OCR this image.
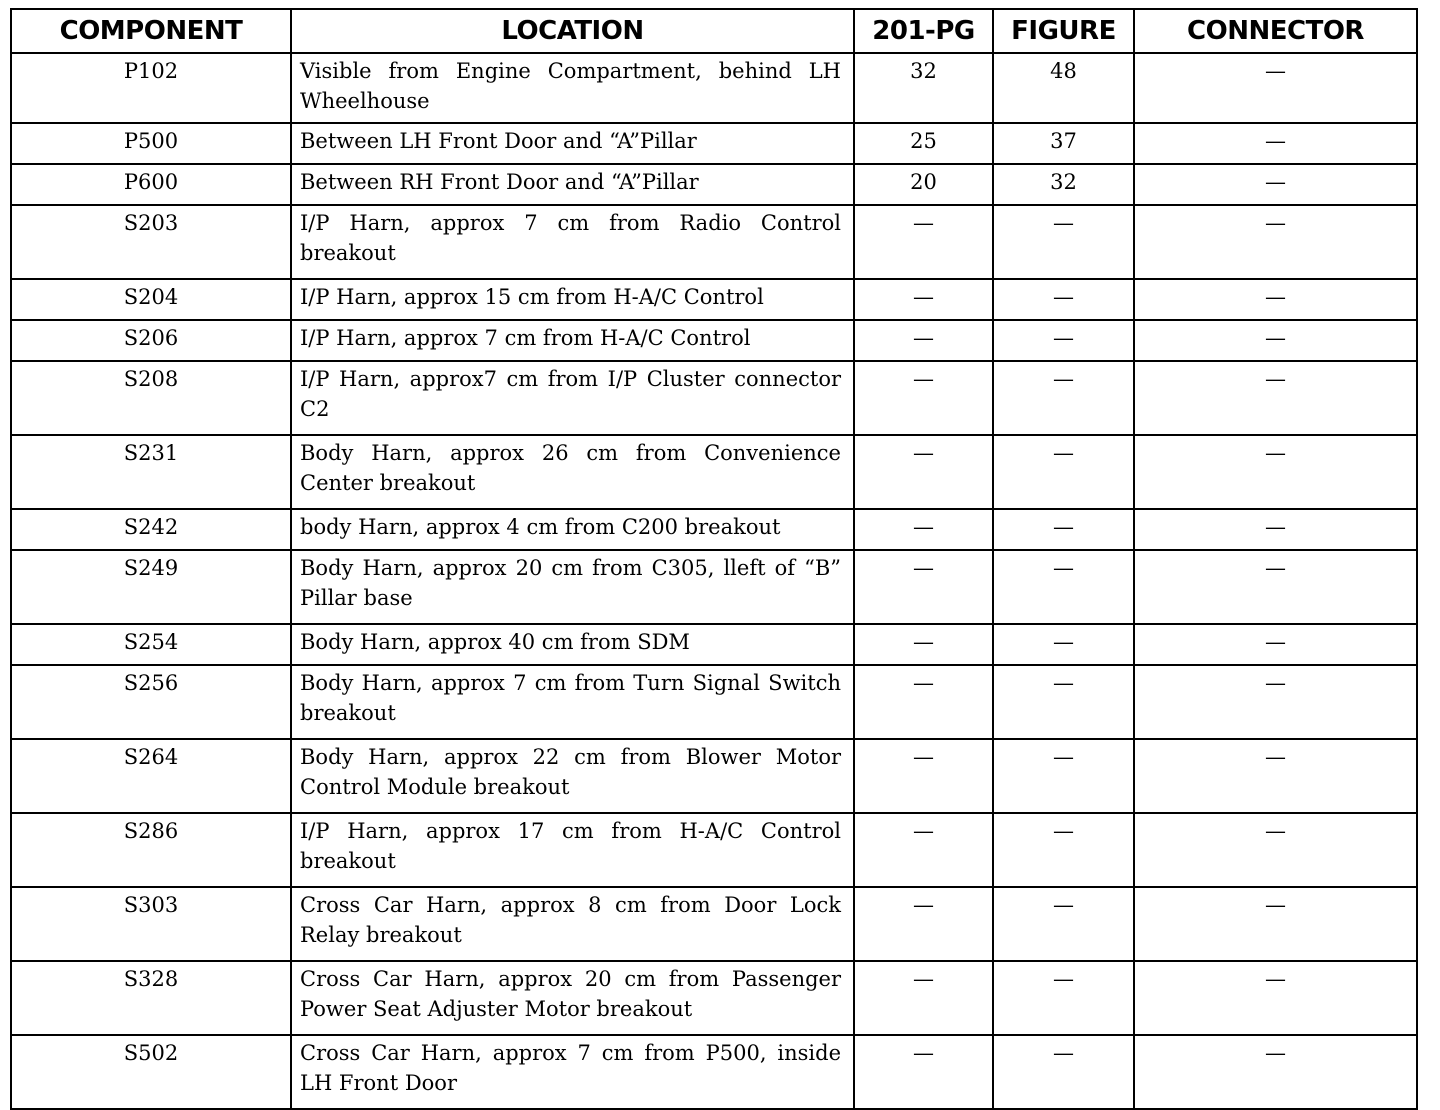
COMPONENT	LOCATION	201-PG	FIGURE	CONNECTOR
P102	Visible from Engine Compartment, behind LH Wheelhouse	32	48	—
P500	Between LH Front Door and “A”Pillar	25	37	—
P600	Between RH Front Door and “A”Pillar	20	32	—
S203	I/P Harn, approx 7 cm from Radio Control breakout	—	—	—
S204	I/P Harn, approx 15 cm from H-A/C Control	—	—	—
S206	I/P Harn, approx 7 cm from H-A/C Control	—	—	—
S208	I/P Harn, approx7 cm from I/P Cluster connector C2	—	—	—
S231	Body Harn, approx 26 cm from Convenience Center breakout	—	—	—
S242	body Harn, approx 4 cm from C200 breakout	—	—	—
S249	Body Harn, approx 20 cm from C305, lleft of “B” Pillar base	—	—	—
S254	Body Harn, approx 40 cm from SDM	—	—	—
S256	Body Harn, approx 7 cm from Turn Signal Switch breakout	—	—	—
S264	Body Harn, approx 22 cm from Blower Motor Control Module breakout	—	—	—
S286	I/P Harn, approx 17 cm from H-A/C Control breakout	—	—	—
S303	Cross Car Harn, approx 8 cm from Door Lock Relay breakout	—	—	—
S328	Cross Car Harn, approx 20 cm from Passenger Power Seat Adjuster Motor breakout	—	—	—
S502	Cross Car Harn, approx 7 cm from P500, inside LH Front Door	—	—	—
